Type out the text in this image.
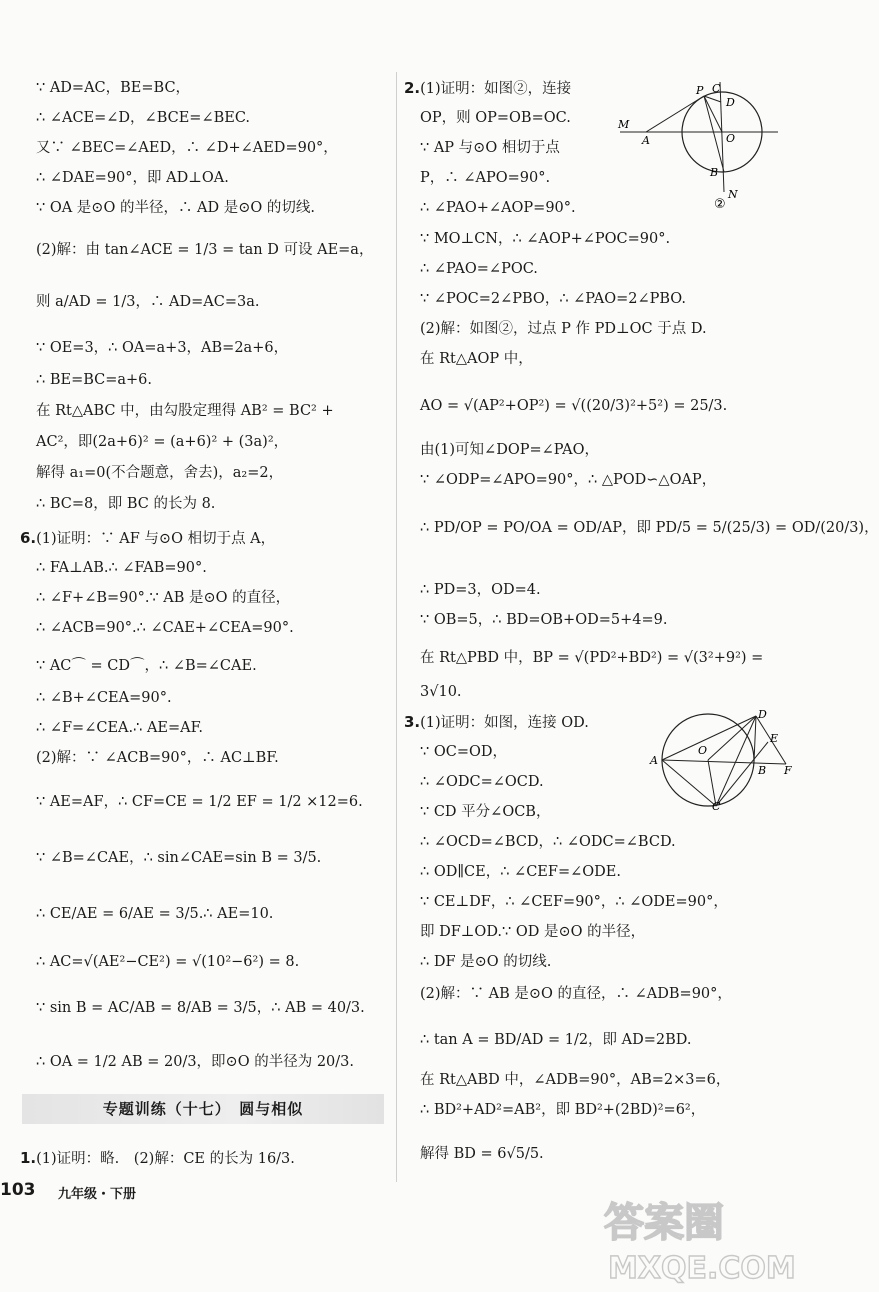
∵ AD=AC，BE=BC，
∴ ∠ACE=∠D，∠BCE=∠BEC.
又∵ ∠BEC=∠AED，∴ ∠D+∠AED=90°，
∴ ∠DAE=90°，即 AD⊥OA.
∵ OA 是⊙O 的半径，∴ AD 是⊙O 的切线.
(2)解：由 tan∠ACE = 1/3 = tan D 可设 AE=a，
则 a/AD = 1/3，∴ AD=AC=3a.
∵ OE=3，∴ OA=a+3，AB=2a+6，
∴ BE=BC=a+6.
在 Rt△ABC 中，由勾股定理得 AB² = BC² +
AC²，即(2a+6)² = (a+6)² + (3a)²，
解得 a₁=0(不合题意，舍去)，a₂=2，
∴ BC=8，即 BC 的长为 8.
6.(1)证明：∵ AF 与⊙O 相切于点 A，
∴ FA⊥AB.∴ ∠FAB=90°.
∴ ∠F+∠B=90°.∵ AB 是⊙O 的直径，
∴ ∠ACB=90°.∴ ∠CAE+∠CEA=90°.
∵ AC⌒ = CD⌒，∴ ∠B=∠CAE.
∴ ∠B+∠CEA=90°.
∴ ∠F=∠CEA.∴ AE=AF.
(2)解：∵ ∠ACB=90°，∴ AC⊥BF.
∵ AE=AF，∴ CF=CE = 1/2 EF = 1/2 ×12=6.
∵ ∠B=∠CAE，∴ sin∠CAE=sin B = 3/5.
∴ CE/AE = 6/AE = 3/5.∴ AE=10.
∴ AC=√(AE²−CE²) = √(10²−6²) = 8.
∵ sin B = AC/AB = 8/AB = 3/5，∴ AB = 40/3.
∴ OA = 1/2 AB = 20/3，即⊙O 的半径为 20/3.
专题训练（十七）　圆与相似
1.(1)证明：略.　(2)解：CE 的长为 16/3.
2.(1)证明：如图②，连接
OP，则 OP=OB=OC.
∵ AP 与⊙O 相切于点
P，∴ ∠APO=90°.
∴ ∠PAO+∠AOP=90°.
∵ MO⊥CN，∴ ∠AOP+∠POC=90°.
∴ ∠PAO=∠POC.
∵ ∠POC=2∠PBO，∴ ∠PAO=2∠PBO.
(2)解：如图②，过点 P 作 PD⊥OC 于点 D.
在 Rt△AOP 中，
AO = √(AP²+OP²) = √((20/3)²+5²) = 25/3.
由(1)可知∠DOP=∠PAO，
∵ ∠ODP=∠APO=90°，∴ △POD∽△OAP，
∴ PD/OP = PO/OA = OD/AP，即 PD/5 = 5/(25/3) = OD/(20/3)，
∴ PD=3，OD=4.
∵ OB=5，∴ BD=OB+OD=5+4=9.
在 Rt△PBD 中，BP = √(PD²+BD²) = √(3²+9²) =
3√10.
3.(1)证明：如图，连接 OD.
∵ OC=OD，
∴ ∠ODC=∠OCD.
∵ CD 平分∠OCB，
∴ ∠OCD=∠BCD，∴ ∠ODC=∠BCD.
∴ OD∥CE，∴ ∠CEF=∠ODE.
∵ CE⊥DF，∴ ∠CEF=90°，∴ ∠ODE=90°，
即 DF⊥OD.∵ OD 是⊙O 的半径，
∴ DF 是⊙O 的切线.
(2)解：∵ AB 是⊙O 的直径，∴ ∠ADB=90°，
∴ tan A = BD/AD = 1/2，即 AD=2BD.
在 Rt△ABD 中，∠ADB=90°，AB=2×3=6，
∴ BD²+AD²=AB²，即 BD²+(2BD)²=6²，
解得 BD = 6√5/5.
C
P
D
M
A	O
B
N
②
D
E
A
O
B F
C
103 九年级・下册
答案圈
MXQE.COM
